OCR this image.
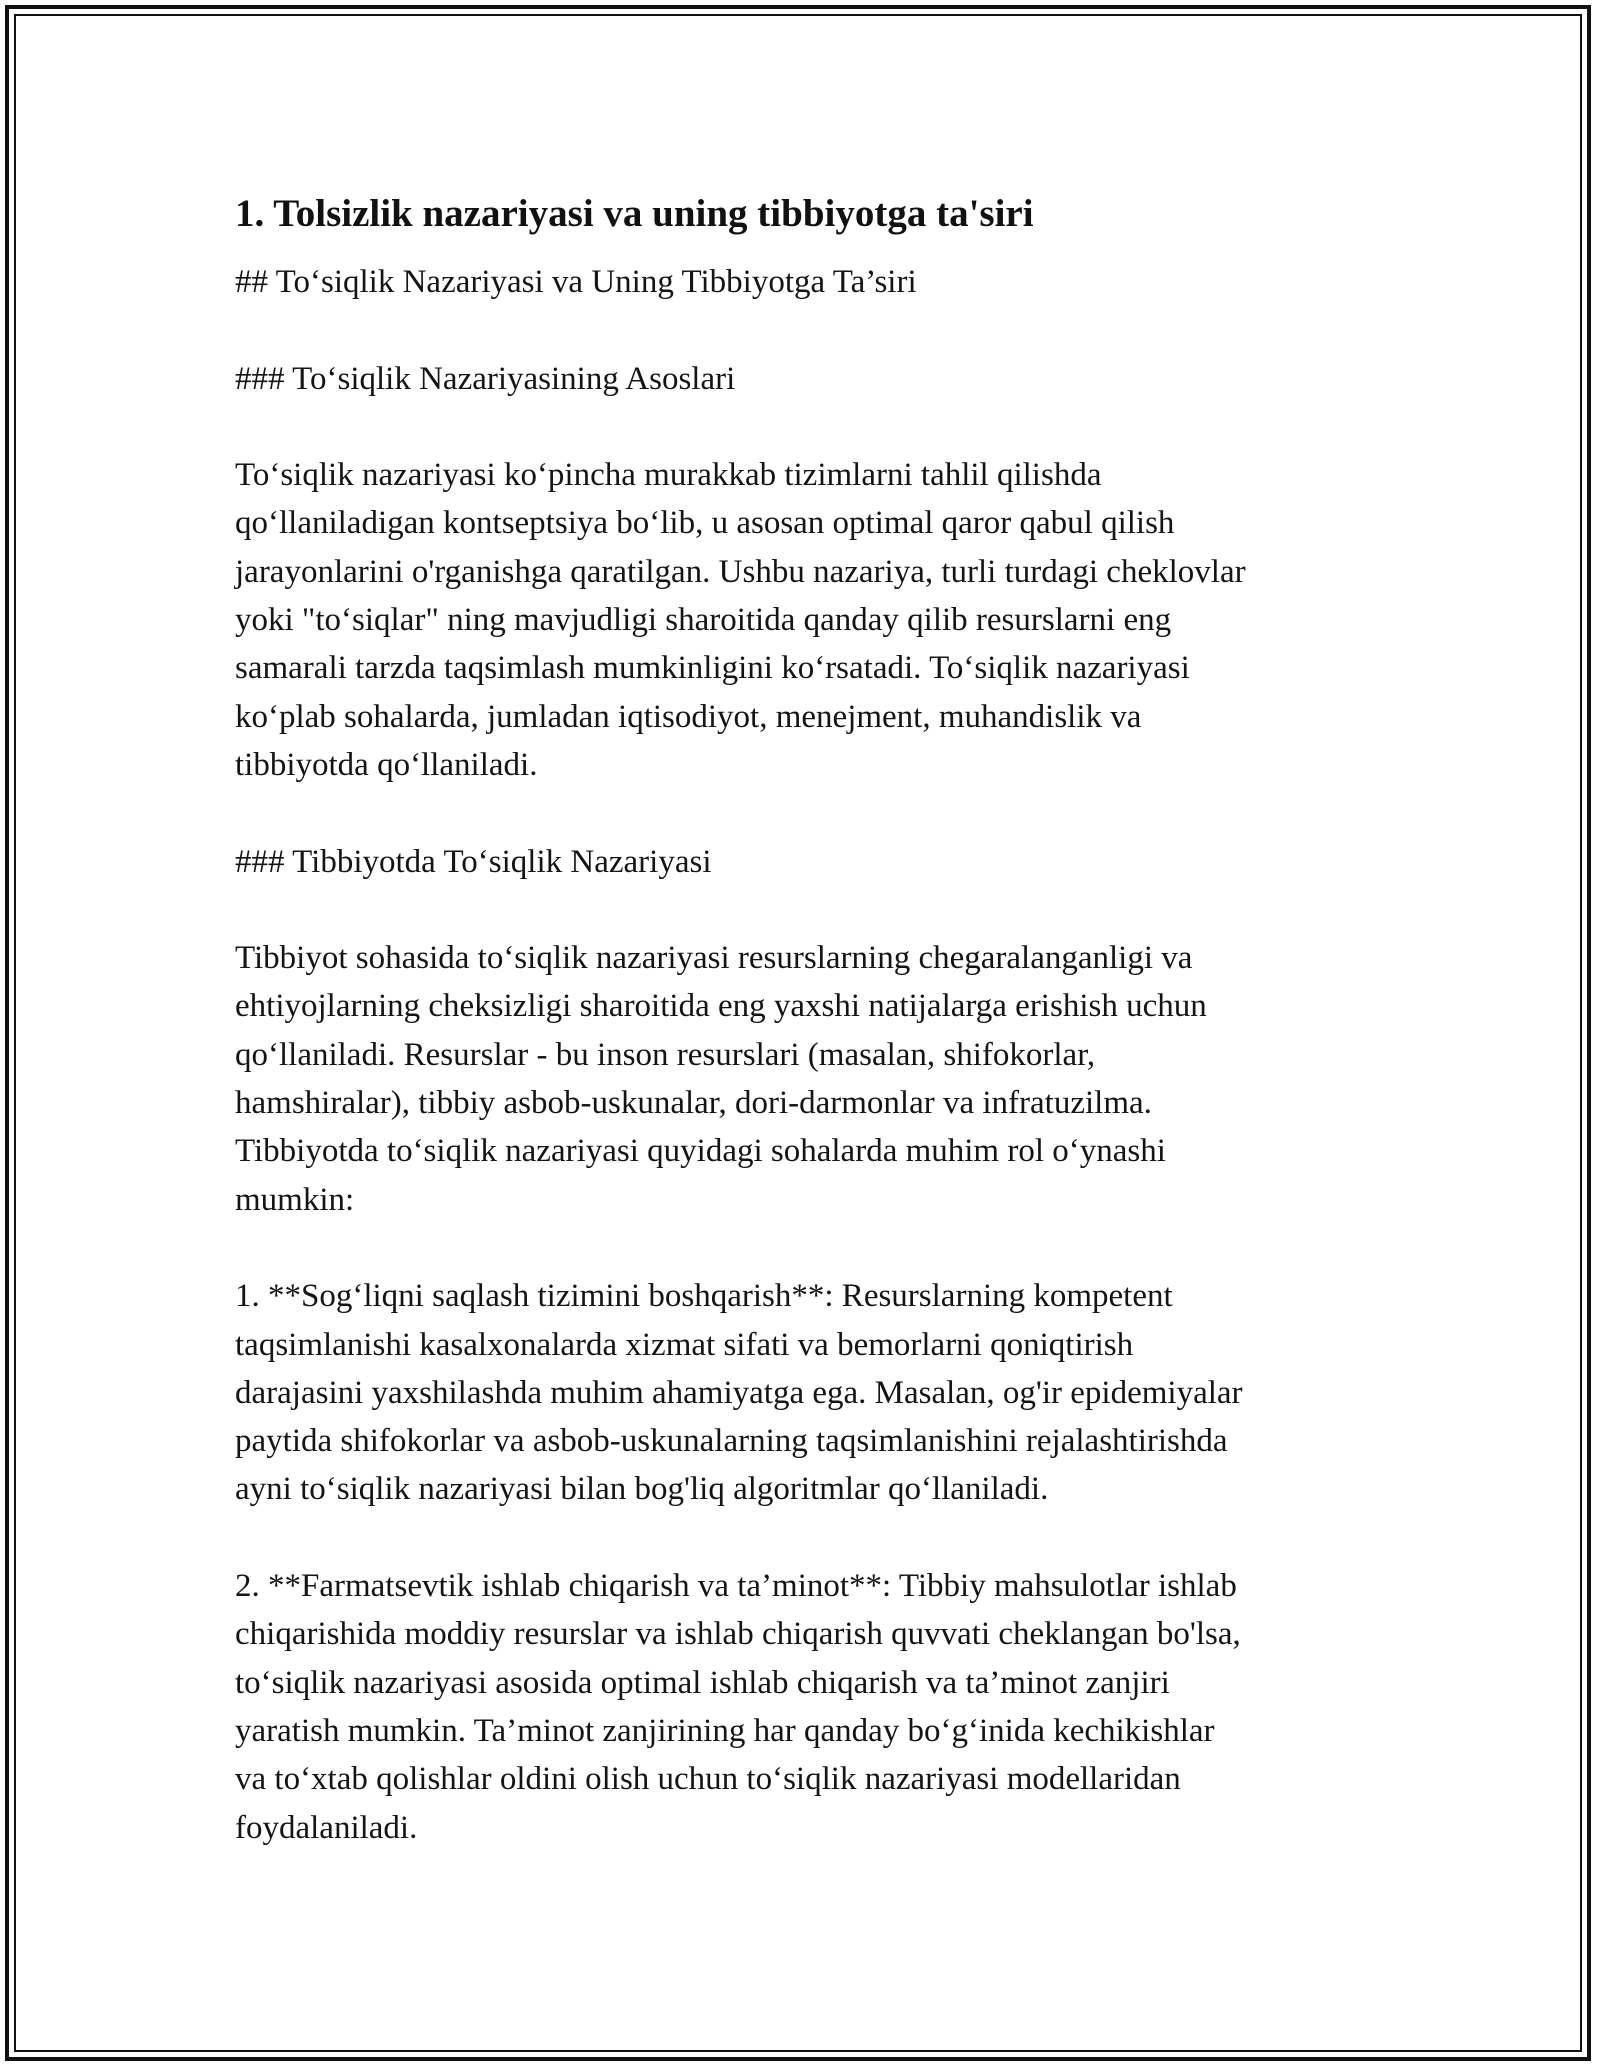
1. Tolsizlik nazariyasi va uning tibbiyotga ta'siri
## To‘siqlik Nazariyasi va Uning Tibbiyotga Ta’siri
### To‘siqlik Nazariyasining Asoslari
To‘siqlik nazariyasi ko‘pincha murakkab tizimlarni tahlil qilishda
qo‘llaniladigan kontseptsiya bo‘lib, u asosan optimal qaror qabul qilish
jarayonlarini o'rganishga qaratilgan. Ushbu nazariya, turli turdagi cheklovlar
yoki "to‘siqlar" ning mavjudligi sharoitida qanday qilib resurslarni eng
samarali tarzda taqsimlash mumkinligini ko‘rsatadi. To‘siqlik nazariyasi
ko‘plab sohalarda, jumladan iqtisodiyot, menejment, muhandislik va
tibbiyotda qo‘llaniladi.
### Tibbiyotda To‘siqlik Nazariyasi
Tibbiyot sohasida to‘siqlik nazariyasi resurslarning chegaralanganligi va
ehtiyojlarning cheksizligi sharoitida eng yaxshi natijalarga erishish uchun
qo‘llaniladi. Resurslar - bu inson resurslari (masalan, shifokorlar,
hamshiralar), tibbiy asbob-uskunalar, dori-darmonlar va infratuzilma.
Tibbiyotda to‘siqlik nazariyasi quyidagi sohalarda muhim rol o‘ynashi
mumkin:
1. **Sog‘liqni saqlash tizimini boshqarish**: Resurslarning kompetent
taqsimlanishi kasalxonalarda xizmat sifati va bemorlarni qoniqtirish
darajasini yaxshilashda muhim ahamiyatga ega. Masalan, og'ir epidemiyalar
paytida shifokorlar va asbob-uskunalarning taqsimlanishini rejalashtirishda
ayni to‘siqlik nazariyasi bilan bog'liq algoritmlar qo‘llaniladi.
2. **Farmatsevtik ishlab chiqarish va ta’minot**: Tibbiy mahsulotlar ishlab
chiqarishida moddiy resurslar va ishlab chiqarish quvvati cheklangan bo'lsa,
to‘siqlik nazariyasi asosida optimal ishlab chiqarish va ta’minot zanjiri
yaratish mumkin. Ta’minot zanjirining har qanday bo‘g‘inida kechikishlar
va to‘xtab qolishlar oldini olish uchun to‘siqlik nazariyasi modellaridan
foydalaniladi.
